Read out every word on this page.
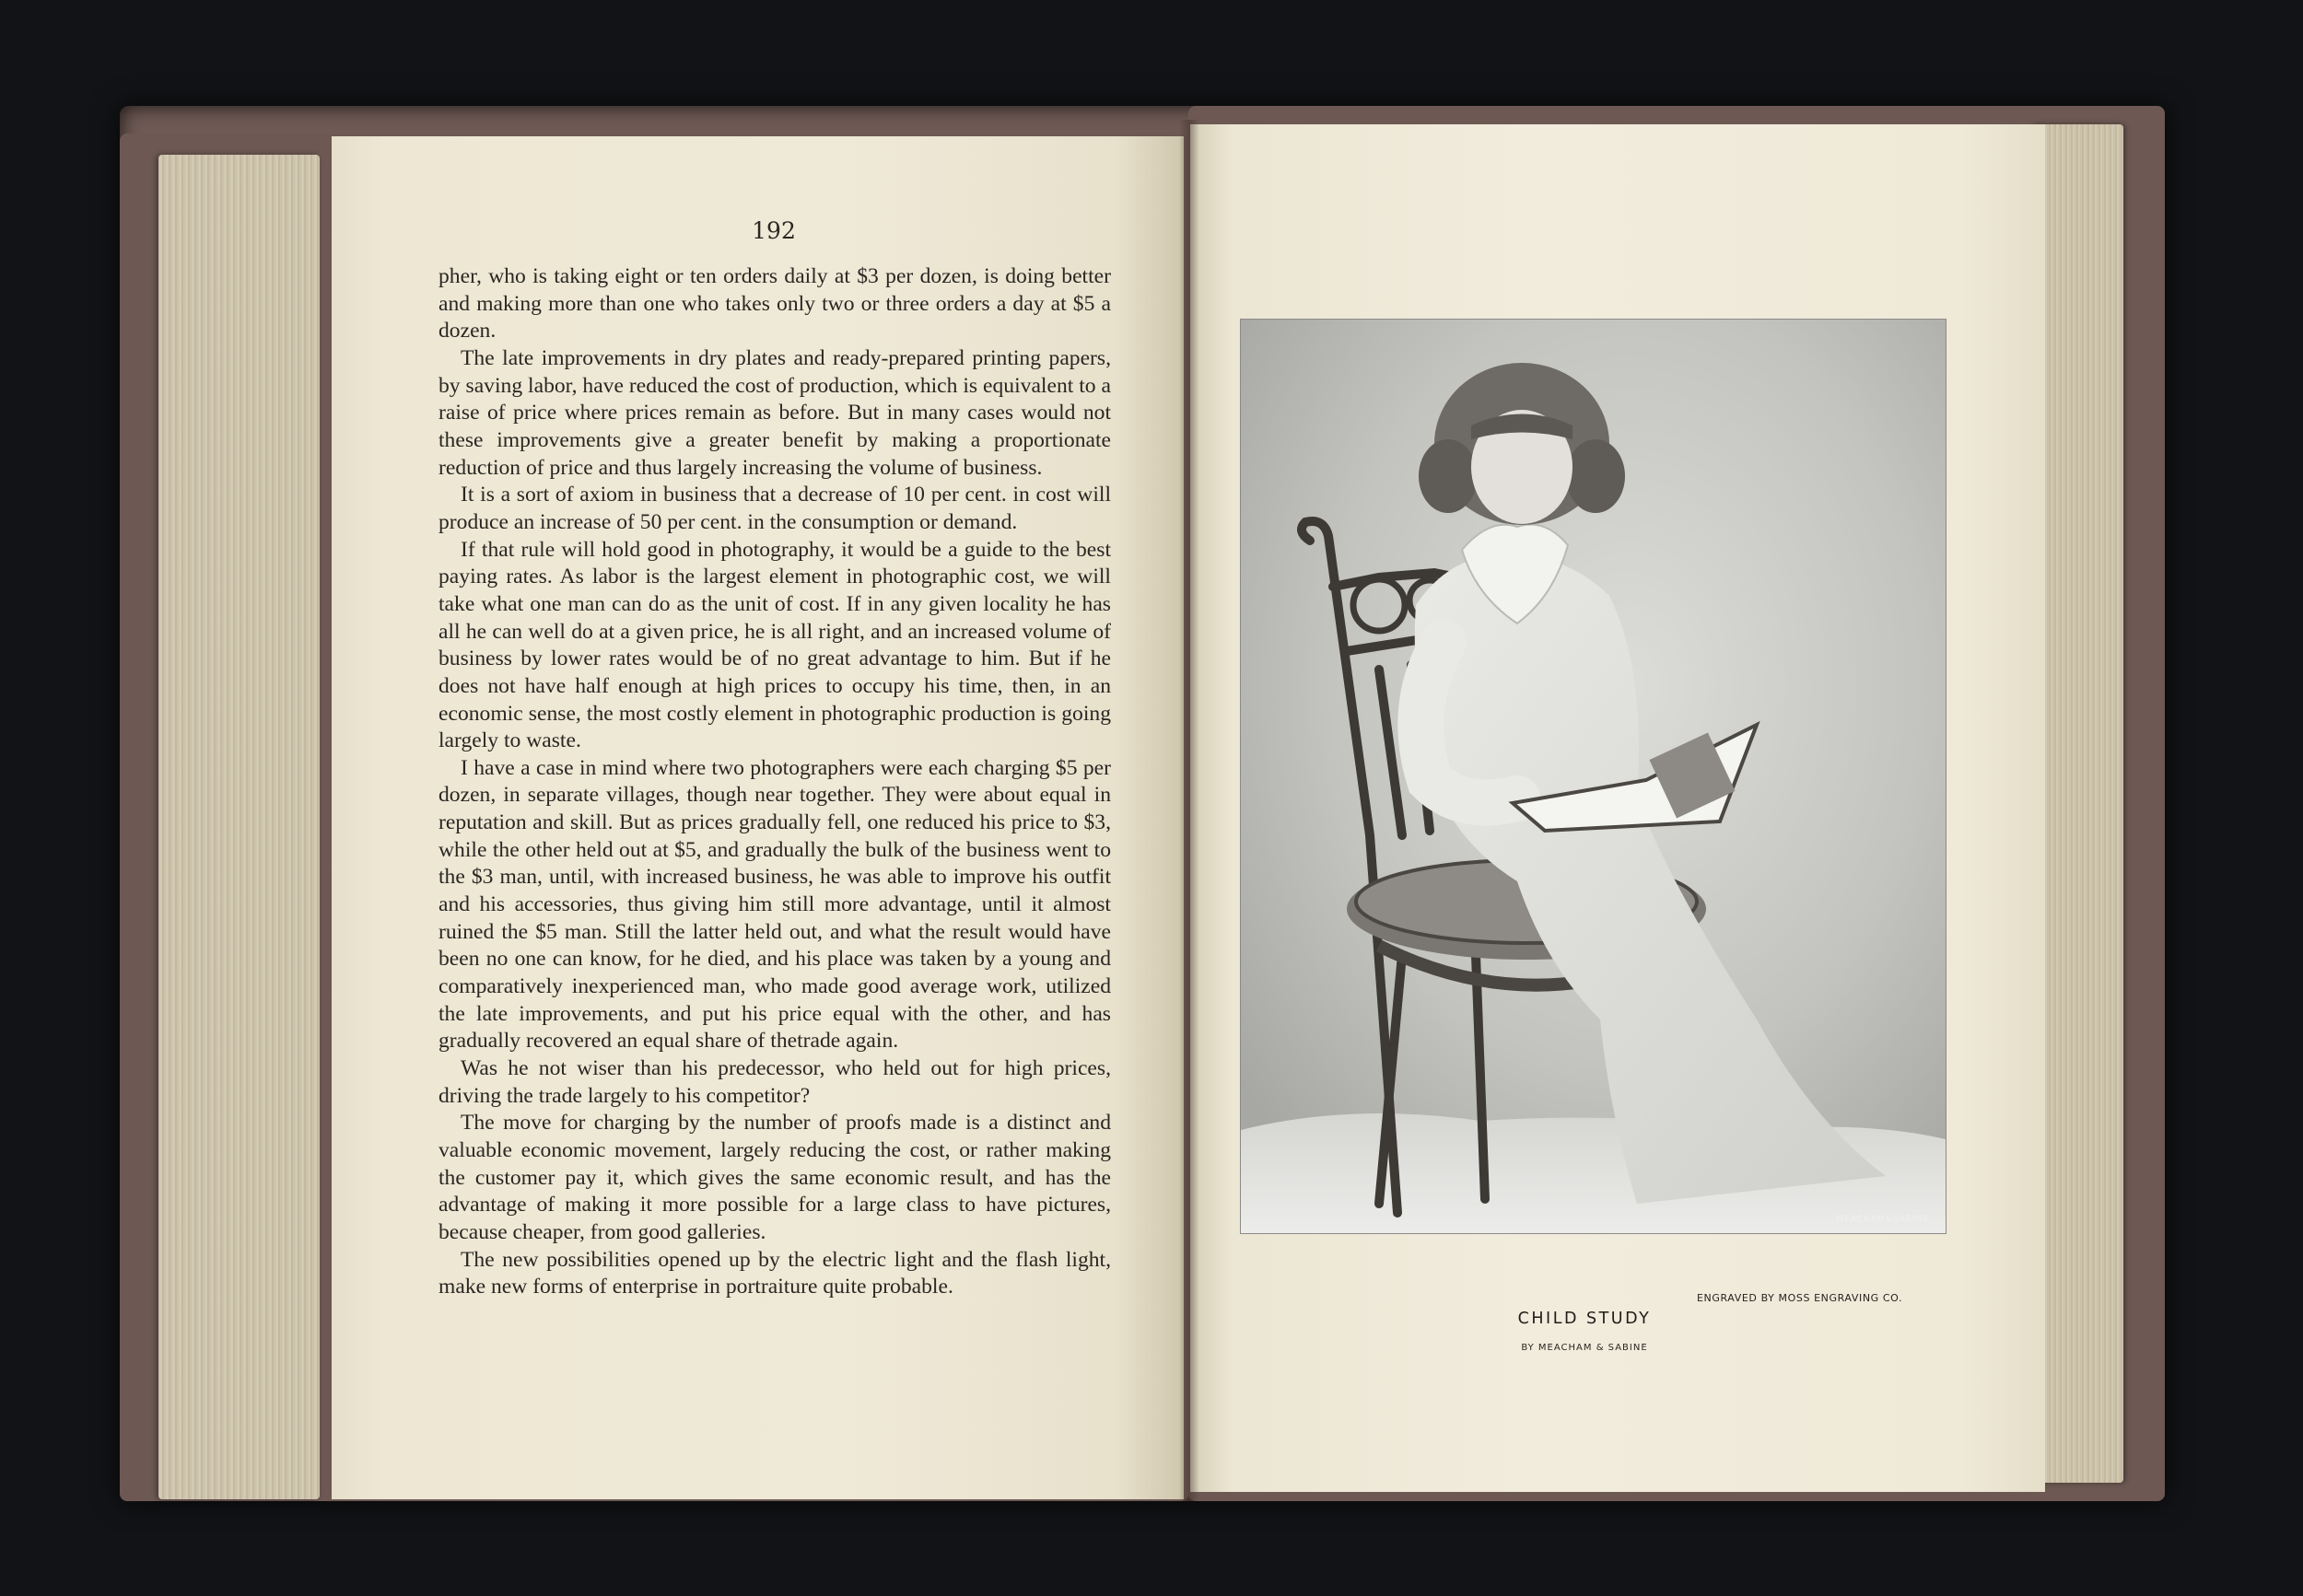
192

pher, who is taking eight or ten orders daily at $3 per dozen, is doing better and making more than one who takes only two or three orders a day at $5 a dozen.

The late improvements in dry plates and ready-prepared printing papers, by saving labor, have reduced the cost of production, which is equivalent to a raise of price where prices remain as before. But in many cases would not these improvements give a greater benefit by making a proportionate reduction of price and thus largely increasing the volume of business.

It is a sort of axiom in business that a decrease of 10 per cent. in cost will produce an increase of 50 per cent. in the consumption or demand.

If that rule will hold good in photography, it would be a guide to the best paying rates. As labor is the largest element in photographic cost, we will take what one man can do as the unit of cost. If in any given locality he has all he can well do at a given price, he is all right, and an increased volume of business by lower rates would be of no great advantage to him. But if he does not have half enough at high prices to occupy his time, then, in an economic sense, the most costly element in photographic production is going largely to waste.

I have a case in mind where two photographers were each charging $5 per dozen, in separate villages, though near together. They were about equal in reputation and skill. But as prices gradually fell, one reduced his price to $3, while the other held out at $5, and gradually the bulk of the business went to the $3 man, until, with increased business, he was able to improve his outfit and his accessories, thus giving him still more advantage, until it almost ruined the $5 man. Still the latter held out, and what the result would have been no one can know, for he died, and his place was taken by a young and comparatively inexperienced man, who made good average work, utilized the late improvements, and put his price equal with the other, and has gradually recovered an equal share of thetrade again.

Was he not wiser than his predecessor, who held out for high prices, driving the trade largely to his competitor?

The move for charging by the number of proofs made is a distinct and valuable economic movement, largely reducing the cost, or rather making the customer pay it, which gives the same economic result, and has the advantage of making it more possible for a large class to have pictures, because cheaper, from good galleries.

The new possibilities opened up by the electric light and the flash light, make new forms of enterprise in portraiture quite probable.

MEACHAM&SABINE
ENGRAVED BY MOSS ENGRAVING CO.
CHILD STUDY
BY MEACHAM & SABINE
